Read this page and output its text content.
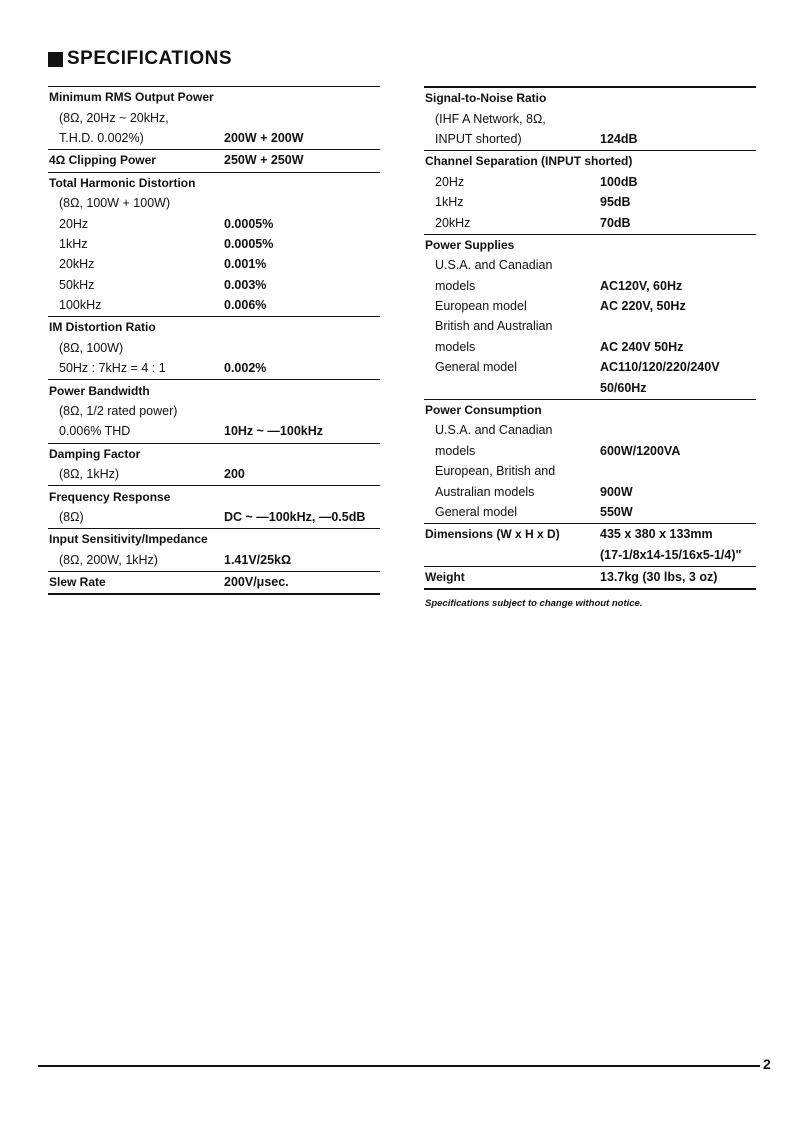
SPECIFICATIONS
Minimum RMS Output Power
(8Ω, 20Hz ~ 20kHz,
T.H.D. 0.002%)	200W + 200W
4Ω Clipping Power	250W + 250W
Total Harmonic Distortion
(8Ω, 100W + 100W)
20Hz	0.0005%
1kHz	0.0005%
20kHz	0.001%
50kHz	0.003%
100kHz	0.006%
IM Distortion Ratio
(8Ω, 100W)
50Hz : 7kHz = 4 : 1	0.002%
Power Bandwidth
(8Ω, 1/2 rated power)
0.006% THD	10Hz ~ —100kHz
Damping Factor
(8Ω, 1kHz)	200
Frequency Response
(8Ω)	DC ~ —100kHz, —0.5dB
Input Sensitivity/Impedance
(8Ω, 200W, 1kHz)	1.41V/25kΩ
Slew Rate	200V/μsec.
Signal-to-Noise Ratio
(IHF A Network, 8Ω,
INPUT shorted)	124dB
Channel Separation (INPUT shorted)
20Hz	100dB
1kHz	95dB
20kHz	70dB
Power Supplies
U.S.A. and Canadian
models	AC120V, 60Hz
European model	AC 220V, 50Hz
British and Australian
models	AC 240V 50Hz
General model	AC110/120/220/240V
50/60Hz
Power Consumption
U.S.A. and Canadian
models	600W/1200VA
European, British and
Australian models	900W
General model	550W
Dimensions (W x H x D)	435 x 380 x 133mm
(17-1/8x14-15/16x5-1/4)"
Weight	13.7kg (30 lbs, 3 oz)
Specifications subject to change without notice.
2
